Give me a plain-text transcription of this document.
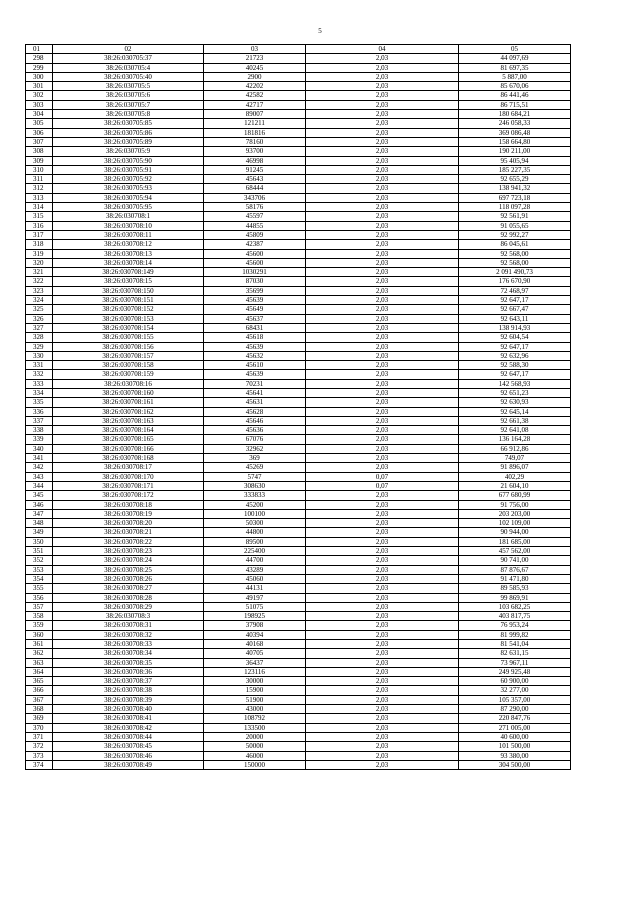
5
01	02	03	04	05
298	38:26:030705:37	21723	2,03	44 097,69
299	38:26:030705:4	40245	2,03	81 697,35
300	38:26:030705:40	2900	2,03	5 887,00
301	38:26:030705:5	42202	2,03	85 670,06
302	38:26:030705:6	42582	2,03	86 441,46
303	38:26:030705:7	42717	2,03	86 715,51
304	38:26:030705:8	89007	2,03	180 684,21
305	38:26:030705:85	121211	2,03	246 058,33
306	38:26:030705:86	181816	2,03	369 086,48
307	38:26:030705:89	78160	2,03	158 664,80
308	38:26:030705:9	93700	2,03	190 211,00
309	38:26:030705:90	46998	2,03	95 405,94
310	38:26:030705:91	91245	2,03	185 227,35
311	38:26:030705:92	45643	2,03	92 655,29
312	38:26:030705:93	68444	2,03	138 941,32
313	38:26:030705:94	343706	2,03	697 723,18
314	38:26:030705:95	58176	2,03	118 097,28
315	38:26:030708:1	45597	2,03	92 561,91
316	38:26:030708:10	44855	2,03	91 055,65
317	38:26:030708:11	45809	2,03	92 992,27
318	38:26:030708:12	42387	2,03	86 045,61
319	38:26:030708:13	45600	2,03	92 568,00
320	38:26:030708:14	45600	2,03	92 568,00
321	38:26:030708:149	1030291	2,03	2 091 490,73
322	38:26:030708:15	87030	2,03	176 670,90
323	38:26:030708:150	35699	2,03	72 468,97
324	38:26:030708:151	45639	2,03	92 647,17
325	38:26:030708:152	45649	2,03	92 667,47
326	38:26:030708:153	45637	2,03	92 643,11
327	38:26:030708:154	68431	2,03	138 914,93
328	38:26:030708:155	45618	2,03	92 604,54
329	38:26:030708:156	45639	2,03	92 647,17
330	38:26:030708:157	45632	2,03	92 632,96
331	38:26:030708:158	45610	2,03	92 588,30
332	38:26:030708:159	45639	2,03	92 647,17
333	38:26:030708:16	70231	2,03	142 568,93
334	38:26:030708:160	45641	2,03	92 651,23
335	38:26:030708:161	45631	2,03	92 630,93
336	38:26:030708:162	45628	2,03	92 645,14
337	38:26:030708:163	45646	2,03	92 661,38
338	38:26:030708:164	45636	2,03	92 641,08
339	38:26:030708:165	67076	2,03	136 164,28
340	38:26:030708:166	32962	2,03	66 912,86
341	38:26:030708:168	369	2,03	749,07
342	38:26:030708:17	45269	2,03	91 896,07
343	38:26:030708:170	5747	0,07	402,29
344	38:26:030708:171	308630	0,07	21 604,10
345	38:26:030708:172	333833	2,03	677 680,99
346	38:26:030708:18	45200	2,03	91 756,00
347	38:26:030708:19	100100	2,03	203 203,00
348	38:26:030708:20	50300	2,03	102 109,00
349	38:26:030708:21	44800	2,03	90 944,00
350	38:26:030708:22	89500	2,03	181 685,00
351	38:26:030708:23	225400	2,03	457 562,00
352	38:26:030708:24	44700	2,03	90 741,00
353	38:26:030708:25	43289	2,03	87 876,67
354	38:26:030708:26	45060	2,03	91 471,80
355	38:26:030708:27	44131	2,03	89 585,93
356	38:26:030708:28	49197	2,03	99 869,91
357	38:26:030708:29	51075	2,03	103 682,25
358	38:26:030708:3	198925	2,03	403 817,75
359	38:26:030708:31	37908	2,03	76 953,24
360	38:26:030708:32	40394	2,03	81 999,82
361	38:26:030708:33	40168	2,03	81 541,04
362	38:26:030708:34	40705	2,03	82 631,15
363	38:26:030708:35	36437	2,03	73 967,11
364	38:26:030708:36	123116	2,03	249 925,48
365	38:26:030708:37	30000	2,03	60 900,00
366	38:26:030708:38	15900	2,03	32 277,00
367	38:26:030708:39	51900	2,03	105 357,00
368	38:26:030708:40	43000	2,03	87 290,00
369	38:26:030708:41	108792	2,03	220 847,76
370	38:26:030708:42	133500	2,03	271 005,00
371	38:26:030708:44	20000	2,03	40 600,00
372	38:26:030708:45	50000	2,03	101 500,00
373	38:26:030708:46	46000	2,03	93 380,00
374	38:26:030708:49	150000	2,03	304 500,00
